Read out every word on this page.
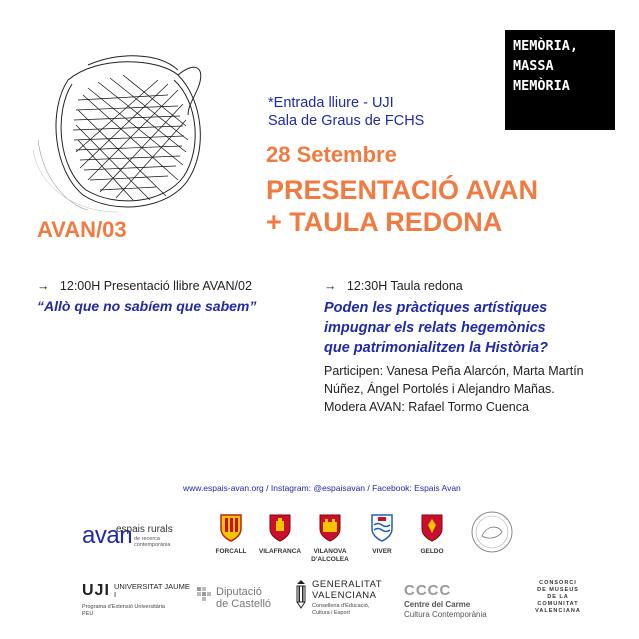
MEMÒRIA,
MASSA
MEMÒRIA
*Entrada lliure - UJI
Sala de Graus de FCHS
28 Setembre
PRESENTACIÓ AVAN
+ TAULA REDONA
AVAN/03
→ 12:00H Presentació llibre AVAN/02
“Allò que no sabíem que sabem”
→ 12:30H Taula redona
Poden les pràctiques artístiques
impugnar els relats hegemònics
que patrimonialitzen la Història?
Participen: Vanesa Peña Alarcón, Marta Martín
Núñez, Ángel Portolés i Alejandro Mañas.
Modera AVAN: Rafael Tormo Cuenca
www.espais-avan.org / Instagram: @espaisavan / Facebook: Espais Avan
avan
espais rurals
de recerca contemporània
FORCALL	VILAFRANCA	VILANOVA D'ALCOLEA
VIVER	GELDO
UJI UNIVERSITAT JAUME I
Programa d'Extensió Universitària
PEU
Diputació
de Castelló
GENERALITAT
VALENCIANA
Conselleria d'Educació,
Cultura i Esport
CCCC
Centre del Carme
Cultura Contemporània
CONSORCI
DE MUSEUS
DE LA
COMUNITAT
VALENCIANA
